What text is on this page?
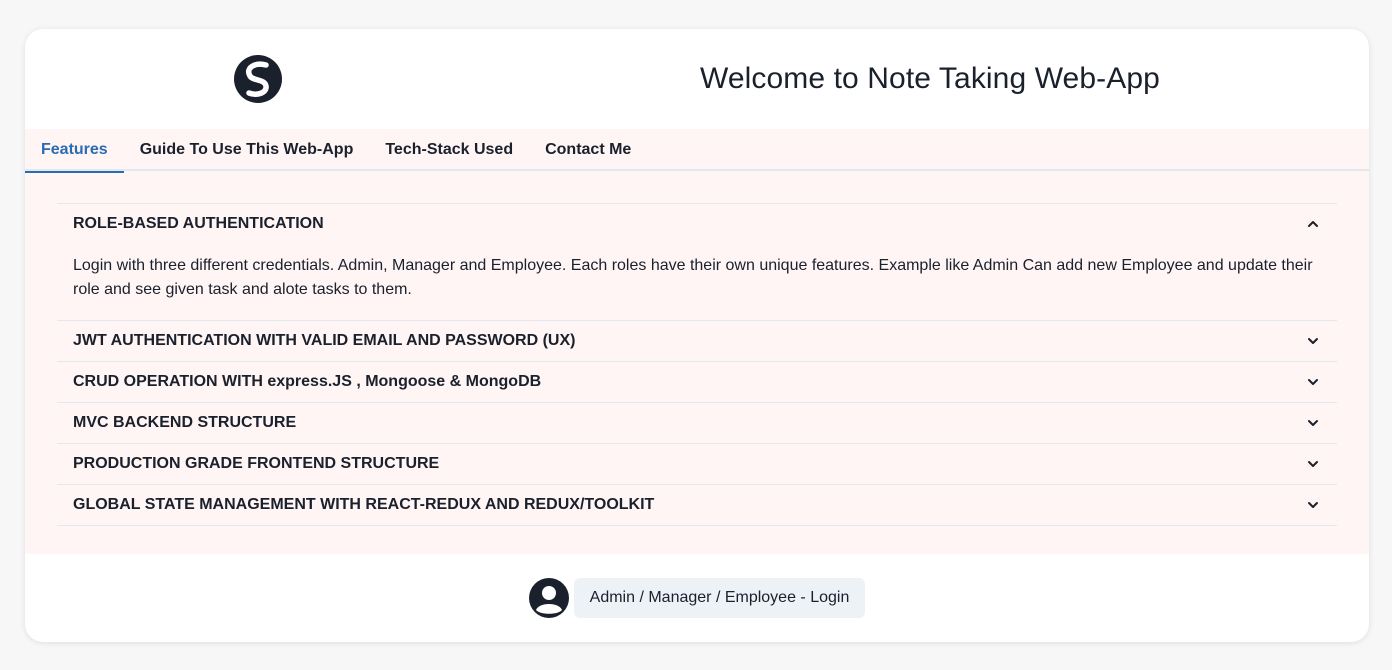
Welcome to Note Taking Web-App
Features	Guide To Use This Web-App	Tech-Stack Used	Contact Me
ROLE-BASED AUTHENTICATION
Login with three different credentials. Admin, Manager and Employee. Each roles have their own unique features. Example like Admin Can add new Employee and update their role and see given task and alote tasks to them.
JWT AUTHENTICATION WITH VALID EMAIL AND PASSWORD (UX)
CRUD OPERATION WITH express.JS , Mongoose & MongoDB
MVC BACKEND STRUCTURE
PRODUCTION GRADE FRONTEND STRUCTURE
GLOBAL STATE MANAGEMENT WITH REACT-REDUX AND REDUX/TOOLKIT
Admin / Manager / Employee - Login
